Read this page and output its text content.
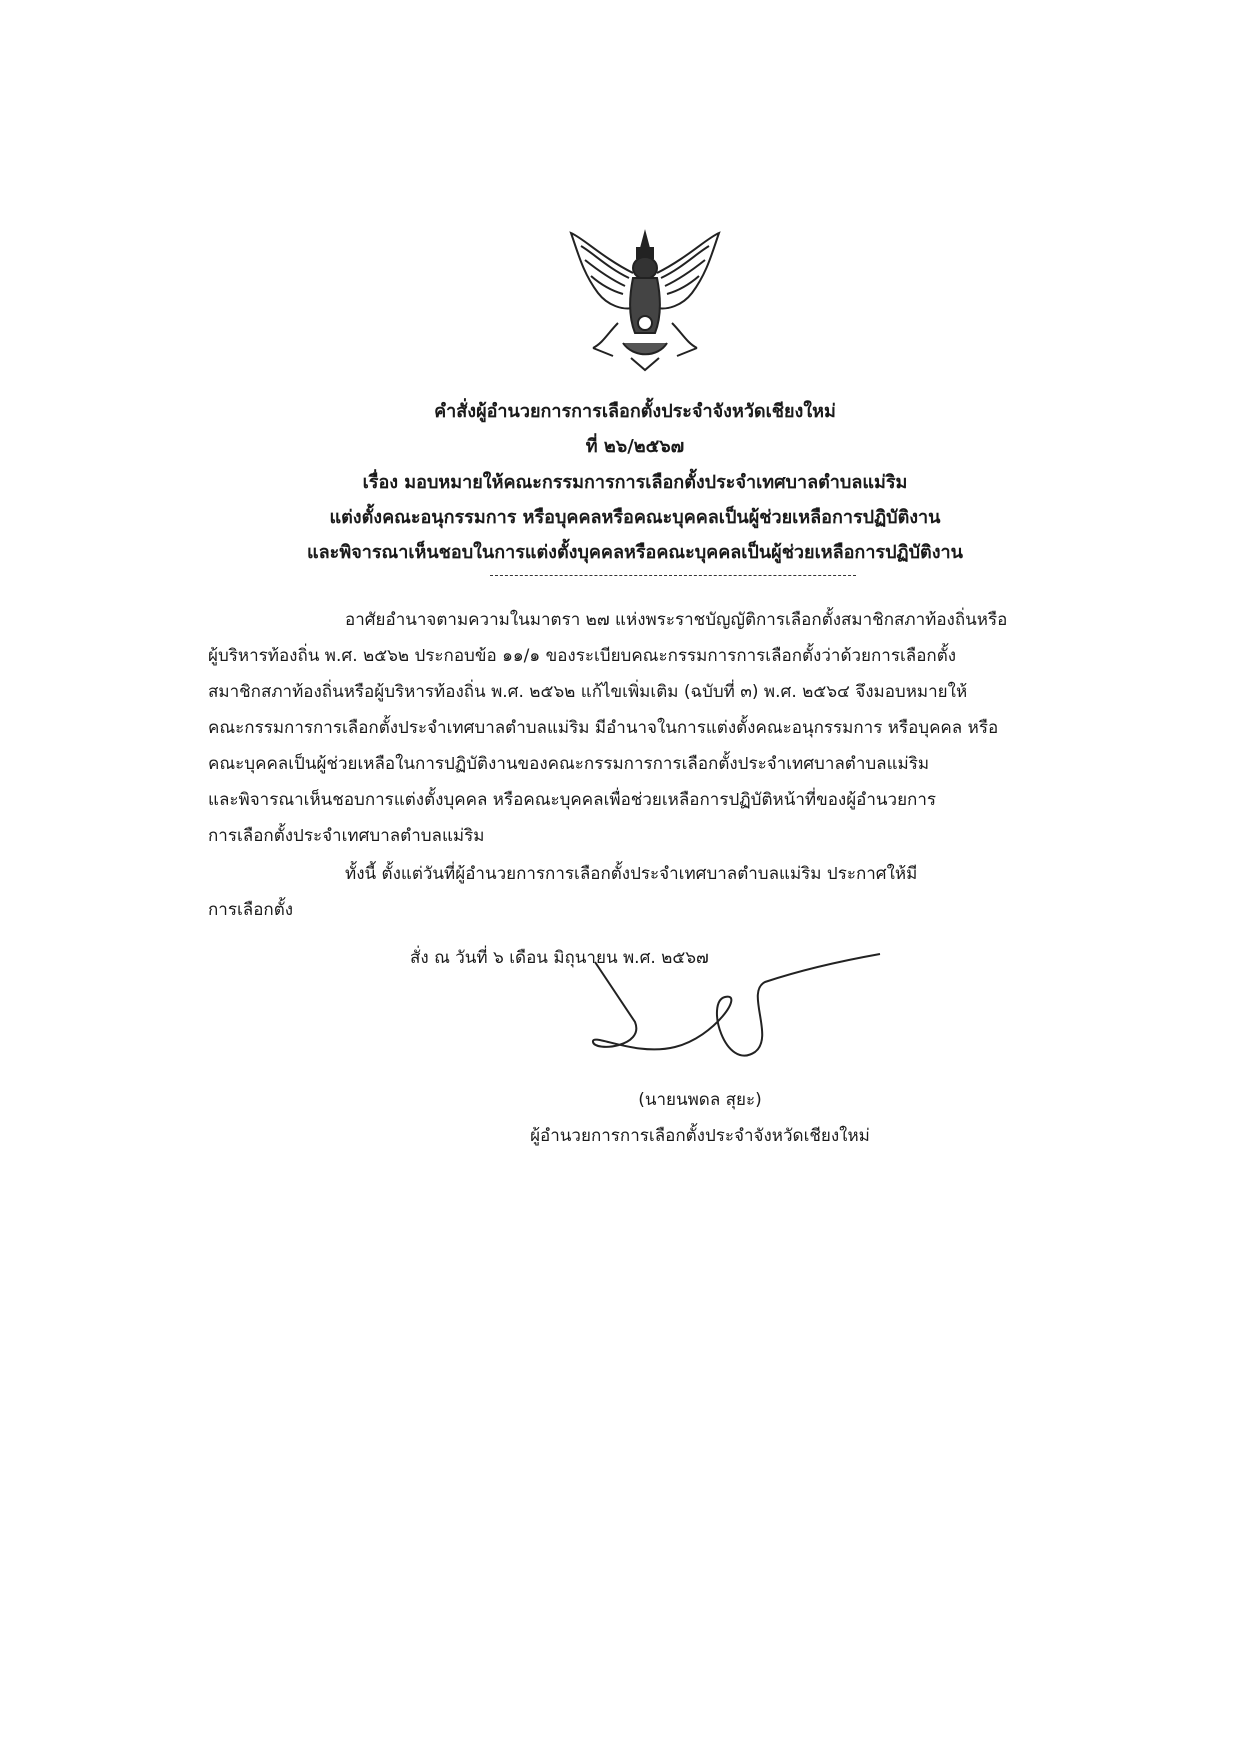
คำสั่งผู้อำนวยการการเลือกตั้งประจำจังหวัดเชียงใหม่
ที่ ๒๖/๒๕๖๗
เรื่อง มอบหมายให้คณะกรรมการการเลือกตั้งประจำเทศบาลตำบลแม่ริม
แต่งตั้งคณะอนุกรรมการ หรือบุคคลหรือคณะบุคคลเป็นผู้ช่วยเหลือการปฏิบัติงาน
และพิจารณาเห็นชอบในการแต่งตั้งบุคคลหรือคณะบุคคลเป็นผู้ช่วยเหลือการปฏิบัติงาน
อาศัยอำนาจตามความในมาตรา ๒๗ แห่งพระราชบัญญัติการเลือกตั้งสมาชิกสภาท้องถิ่นหรือ
ผู้บริหารท้องถิ่น พ.ศ. ๒๕๖๒ ประกอบข้อ ๑๑/๑ ของระเบียบคณะกรรมการการเลือกตั้งว่าด้วยการเลือกตั้ง
สมาชิกสภาท้องถิ่นหรือผู้บริหารท้องถิ่น พ.ศ. ๒๕๖๒ แก้ไขเพิ่มเติม (ฉบับที่ ๓) พ.ศ. ๒๕๖๔ จึงมอบหมายให้
คณะกรรมการการเลือกตั้งประจำเทศบาลตำบลแม่ริม มีอำนาจในการแต่งตั้งคณะอนุกรรมการ หรือบุคคล หรือ
คณะบุคคลเป็นผู้ช่วยเหลือในการปฏิบัติงานของคณะกรรมการการเลือกตั้งประจำเทศบาลตำบลแม่ริม
และพิจารณาเห็นชอบการแต่งตั้งบุคคล หรือคณะบุคคลเพื่อช่วยเหลือการปฏิบัติหน้าที่ของผู้อำนวยการ
การเลือกตั้งประจำเทศบาลตำบลแม่ริม
ทั้งนี้ ตั้งแต่วันที่ผู้อำนวยการการเลือกตั้งประจำเทศบาลตำบลแม่ริม ประกาศให้มี
การเลือกตั้ง
สั่ง ณ วันที่ ๖ เดือน มิถุนายน พ.ศ. ๒๕๖๗
(นายนพดล สุยะ)
ผู้อำนวยการการเลือกตั้งประจำจังหวัดเชียงใหม่
